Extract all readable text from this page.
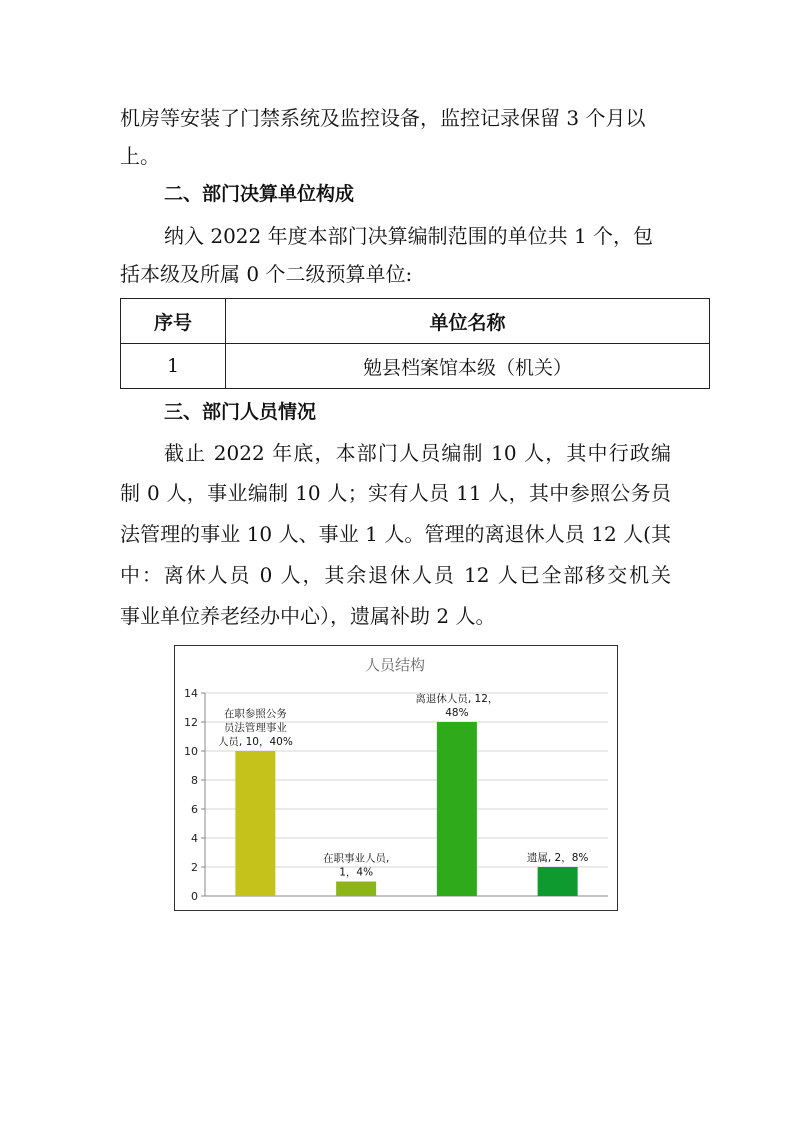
机房等安装了门禁系统及监控设备，监控记录保留 3 个月以
上。
二、部门决算单位构成
纳入 2022 年度本部门决算编制范围的单位共 1 个，包
括本级及所属 0 个二级预算单位:
序号	单位名称
1	勉县档案馆本级（机关）
三、部门人员情况
截止 2022 年底，本部门人员编制 10 人，其中行政编
制 0 人，事业编制 10 人；实有人员 11 人，其中参照公务员
法管理的事业 10 人、事业 1 人。管理的离退休人员 12 人(其
中：离休人员 0 人，其余退休人员 12 人已全部移交机关
事业单位养老经办中心），遗属补助 2 人。
人员结构
0
2
4
6
8
10
12
14
在职参照公务
员法管理事业
人员, 10，40%
在职事业人员,
1，4%
离退休人员, 12，
48%
遗属, 2，8%
